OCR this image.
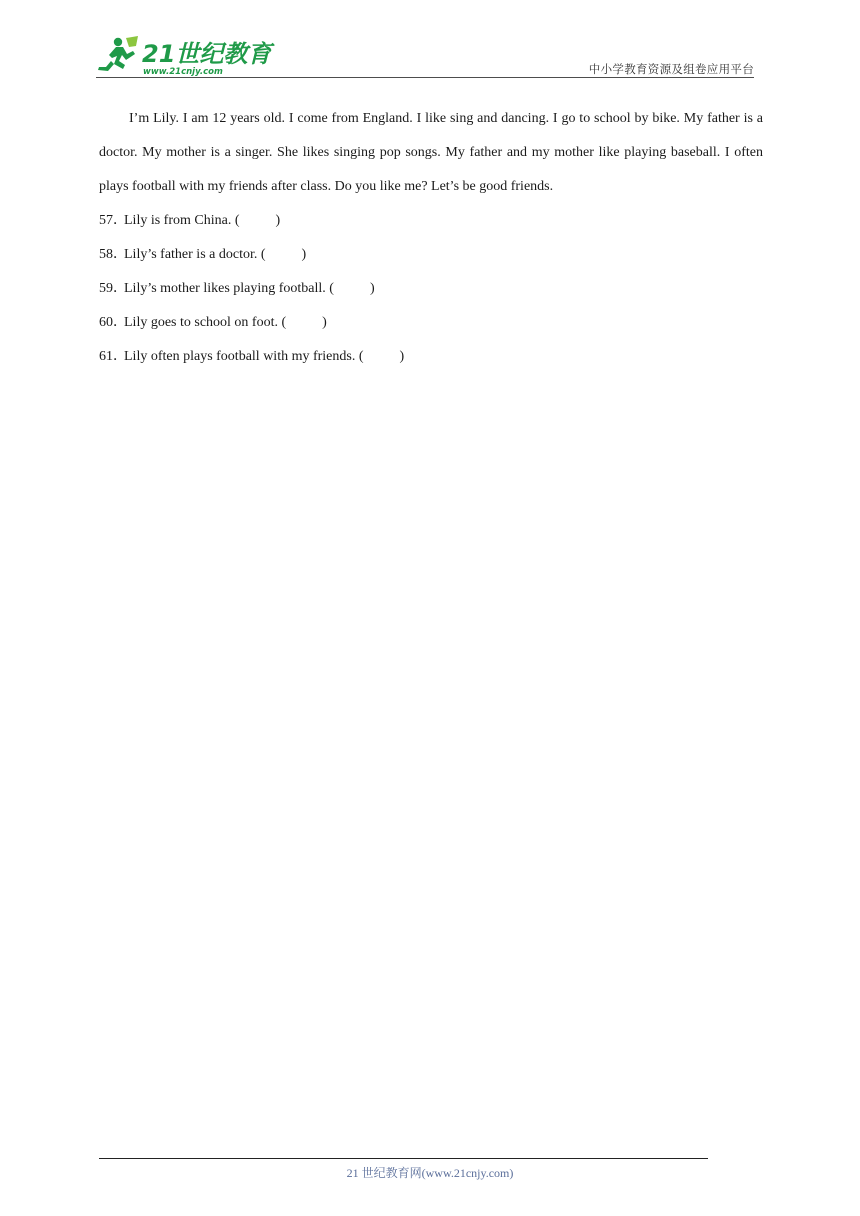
21世纪教育
www.21cnjy.com	中小学教育资源及组卷应用平台

I’m Lily. I am 12 years old. I come from England. I like sing and dancing. I go to school by bike. My father is a doctor. My mother is a singer. She likes singing pop songs. My father and my mother like playing baseball. I often plays football with my friends after class. Do you like me? Let’s be good friends.

57．Lily is from China. (	)
58．Lily’s father is a doctor. (	)
59．Lily’s mother likes playing football. (	)
60．Lily goes to school on foot. (	)
61．Lily often plays football with my friends. (	)
21 世纪教育网(www.21cnjy.com)
